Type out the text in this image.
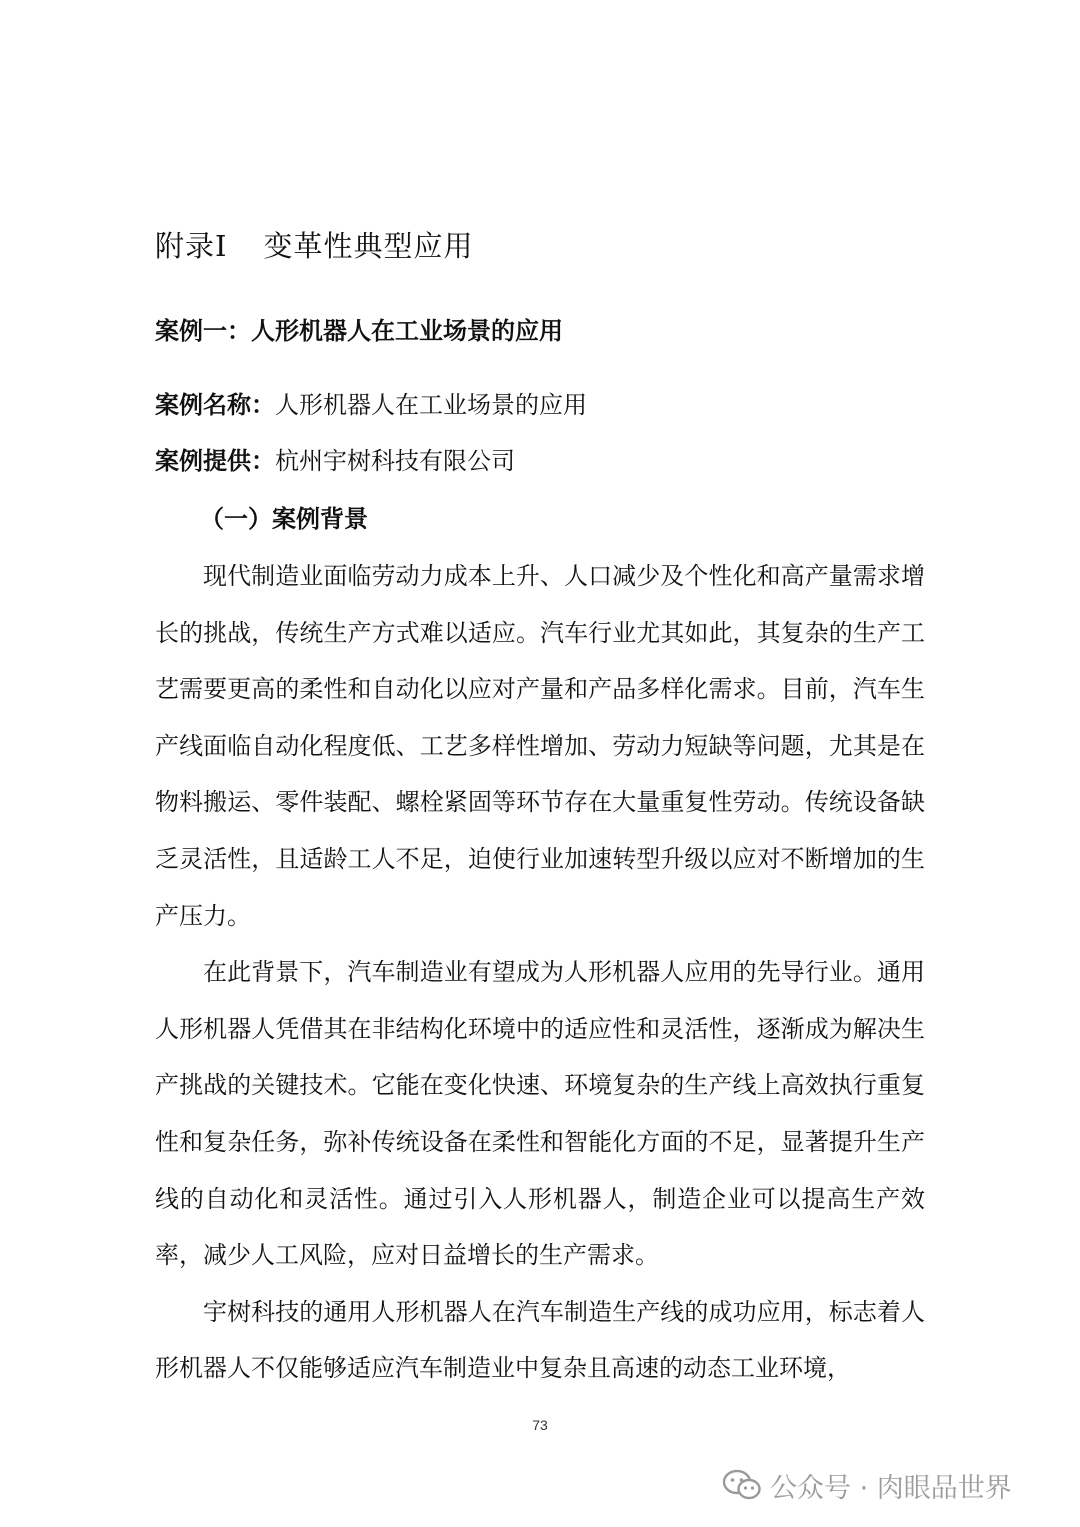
附录Ⅰ 变革性典型应用
案例一：人形机器人在工业场景的应用
案例名称：人形机器人在工业场景的应用
案例提供：杭州宇树科技有限公司
（一）案例背景

现代制造业面临劳动力成本上升、人口减少及个性化和高产量需求增长的挑战，传统生产方式难以适应。汽车行业尤其如此，其复杂的生产工艺需要更高的柔性和自动化以应对产量和产品多样化需求。目前，汽车生产线面临自动化程度低、工艺多样性增加、劳动力短缺等问题，尤其是在物料搬运、零件装配、螺栓紧固等环节存在大量重复性劳动。传统设备缺乏灵活性，且适龄工人不足，迫使行业加速转型升级以应对不断增加的生产压力。

在此背景下，汽车制造业有望成为人形机器人应用的先导行业。通用人形机器人凭借其在非结构化环境中的适应性和灵活性，逐渐成为解决生产挑战的关键技术。它能在变化快速、环境复杂的生产线上高效执行重复性和复杂任务，弥补传统设备在柔性和智能化方面的不足，显著提升生产线的自动化和灵活性。通过引入人形机器人，制造企业可以提高生产效率，减少人工风险，应对日益增长的生产需求。

宇树科技的通用人形机器人在汽车制造生产线的成功应用，标志着人形机器人不仅能够适应汽车制造业中复杂且高速的动态工业环境，

73
公众号 · 肉眼品世界
